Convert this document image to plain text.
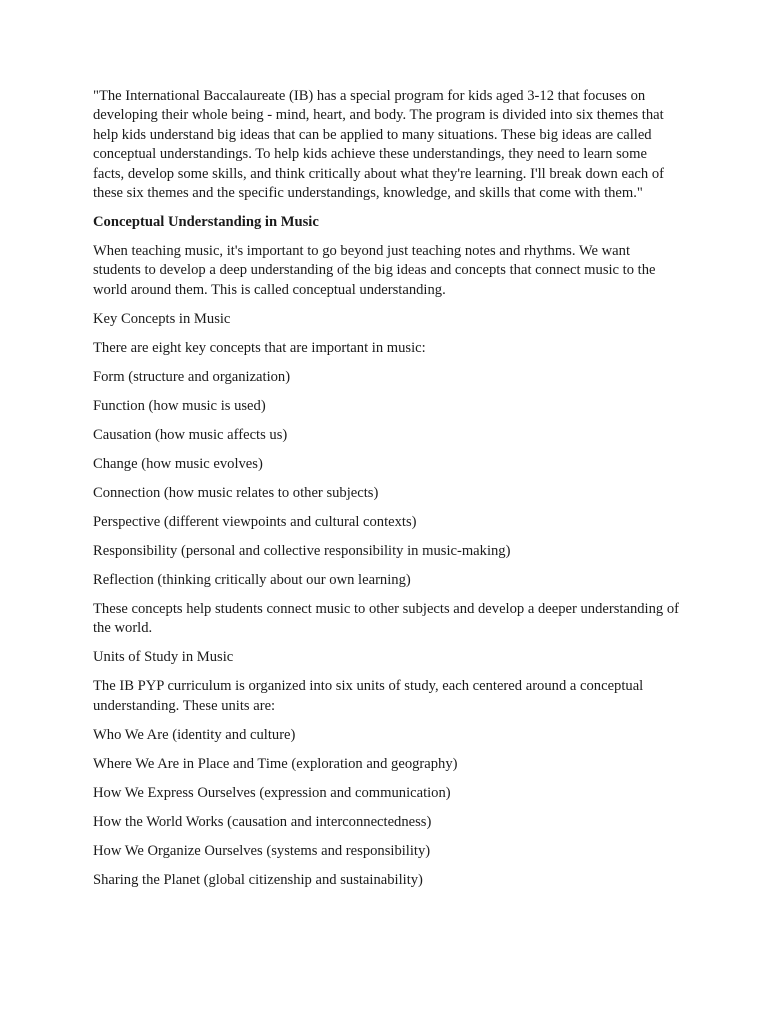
"The International Baccalaureate (IB) has a special program for kids aged 3-12 that focuses on developing their whole being - mind, heart, and body. The program is divided into six themes that help kids understand big ideas that can be applied to many situations. These big ideas are called conceptual understandings. To help kids achieve these understandings, they need to learn some facts, develop some skills, and think critically about what they're learning. I'll break down each of these six themes and the specific understandings, knowledge, and skills that come with them."

Conceptual Understanding in Music

When teaching music, it's important to go beyond just teaching notes and rhythms. We want students to develop a deep understanding of the big ideas and concepts that connect music to the world around them. This is called conceptual understanding.

Key Concepts in Music

There are eight key concepts that are important in music:

Form (structure and organization)

Function (how music is used)

Causation (how music affects us)

Change (how music evolves)

Connection (how music relates to other subjects)

Perspective (different viewpoints and cultural contexts)

Responsibility (personal and collective responsibility in music-making)

Reflection (thinking critically about our own learning)

These concepts help students connect music to other subjects and develop a deeper understanding of the world.

Units of Study in Music

The IB PYP curriculum is organized into six units of study, each centered around a conceptual understanding. These units are:

Who We Are (identity and culture)

Where We Are in Place and Time (exploration and geography)

How We Express Ourselves (expression and communication)

How the World Works (causation and interconnectedness)

How We Organize Ourselves (systems and responsibility)

Sharing the Planet (global citizenship and sustainability)
